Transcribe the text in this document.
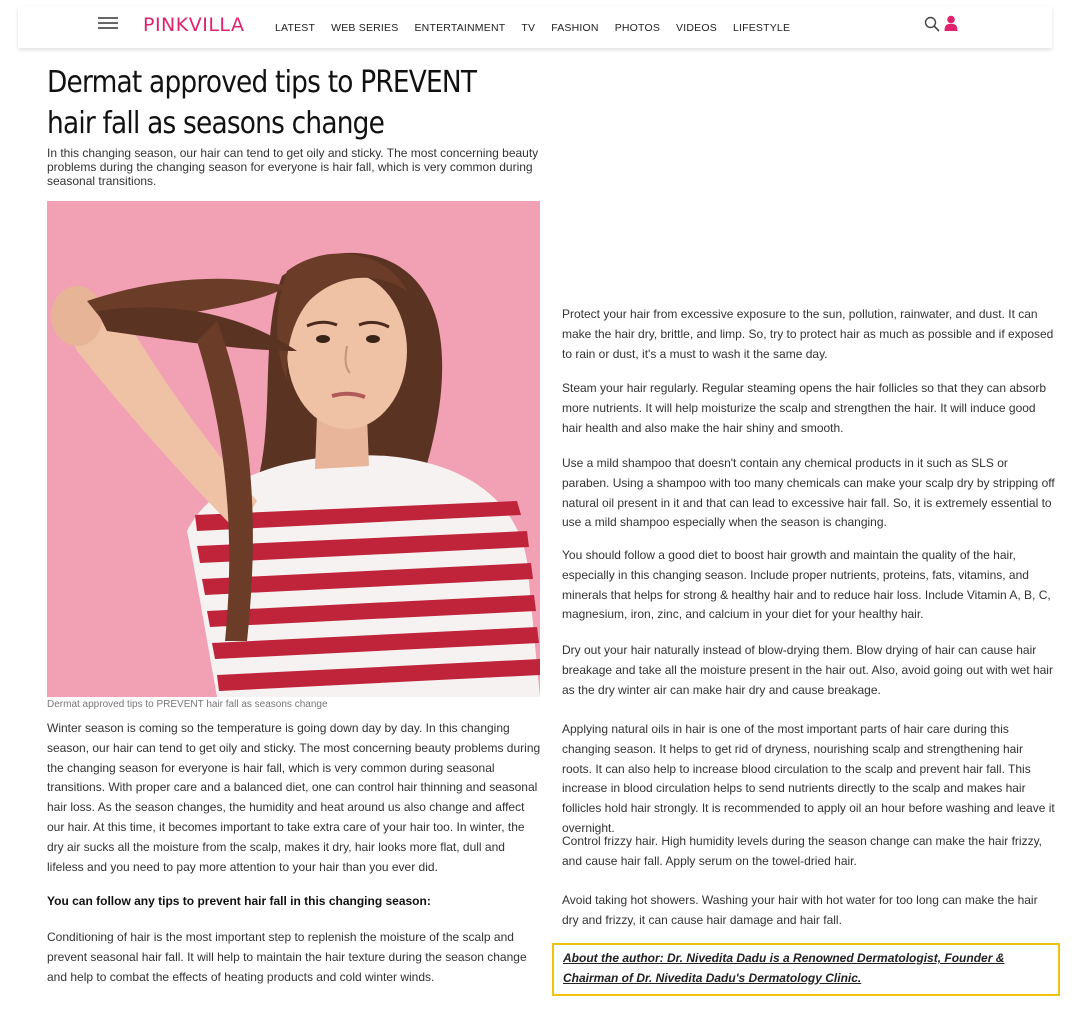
PINKVILLA	LATEST WEB SERIES ENTERTAINMENT TV FASHION PHOTOS VIDEOS LIFESTYLE
Dermat approved tips to PREVENT hair fall as seasons change

In this changing season, our hair can tend to get oily and sticky. The most concerning beauty problems during the changing season for everyone is hair fall, which is very common during seasonal transitions.

Dermat approved tips to PREVENT hair fall as seasons change

Winter season is coming so the temperature is going down day by day. In this changing season, our hair can tend to get oily and sticky. The most concerning beauty problems during the changing season for everyone is hair fall, which is very common during seasonal transitions. With proper care and a balanced diet, one can control hair thinning and seasonal hair loss. As the season changes, the humidity and heat around us also change and affect our hair. At this time, it becomes important to take extra care of your hair too. In winter, the dry air sucks all the moisture from the scalp, makes it dry, hair looks more flat, dull and lifeless and you need to pay more attention to your hair than you ever did.

You can follow any tips to prevent hair fall in this changing season:

Conditioning of hair is the most important step to replenish the moisture of the scalp and prevent seasonal hair fall. It will help to maintain the hair texture during the season change and help to combat the effects of heating products and cold winter winds.

Protect your hair from excessive exposure to the sun, pollution, rainwater, and dust. It can make the hair dry, brittle, and limp. So, try to protect hair as much as possible and if exposed to rain or dust, it's a must to wash it the same day.

Steam your hair regularly. Regular steaming opens the hair follicles so that they can absorb more nutrients. It will help moisturize the scalp and strengthen the hair. It will induce good hair health and also make the hair shiny and smooth.

Use a mild shampoo that doesn't contain any chemical products in it such as SLS or paraben. Using a shampoo with too many chemicals can make your scalp dry by stripping off natural oil present in it and that can lead to excessive hair fall. So, it is extremely essential to use a mild shampoo especially when the season is changing.

You should follow a good diet to boost hair growth and maintain the quality of the hair, especially in this changing season. Include proper nutrients, proteins, fats, vitamins, and minerals that helps for strong & healthy hair and to reduce hair loss. Include Vitamin A, B, C, magnesium, iron, zinc, and calcium in your diet for your healthy hair.

Dry out your hair naturally instead of blow-drying them. Blow drying of hair can cause hair breakage and take all the moisture present in the hair out. Also, avoid going out with wet hair as the dry winter air can make hair dry and cause breakage.

Applying natural oils in hair is one of the most important parts of hair care during this changing season. It helps to get rid of dryness, nourishing scalp and strengthening hair roots. It can also help to increase blood circulation to the scalp and prevent hair fall. This increase in blood circulation helps to send nutrients directly to the scalp and makes hair follicles hold hair strongly. It is recommended to apply oil an hour before washing and leave it overnight.

Control frizzy hair. High humidity levels during the season change can make the hair frizzy, and cause hair fall. Apply serum on the towel-dried hair.

Avoid taking hot showers. Washing your hair with hot water for too long can make the hair dry and frizzy, it can cause hair damage and hair fall.

About the author: Dr. Nivedita Dadu is a Renowned Dermatologist, Founder & Chairman of Dr. Nivedita Dadu's Dermatology Clinic.
